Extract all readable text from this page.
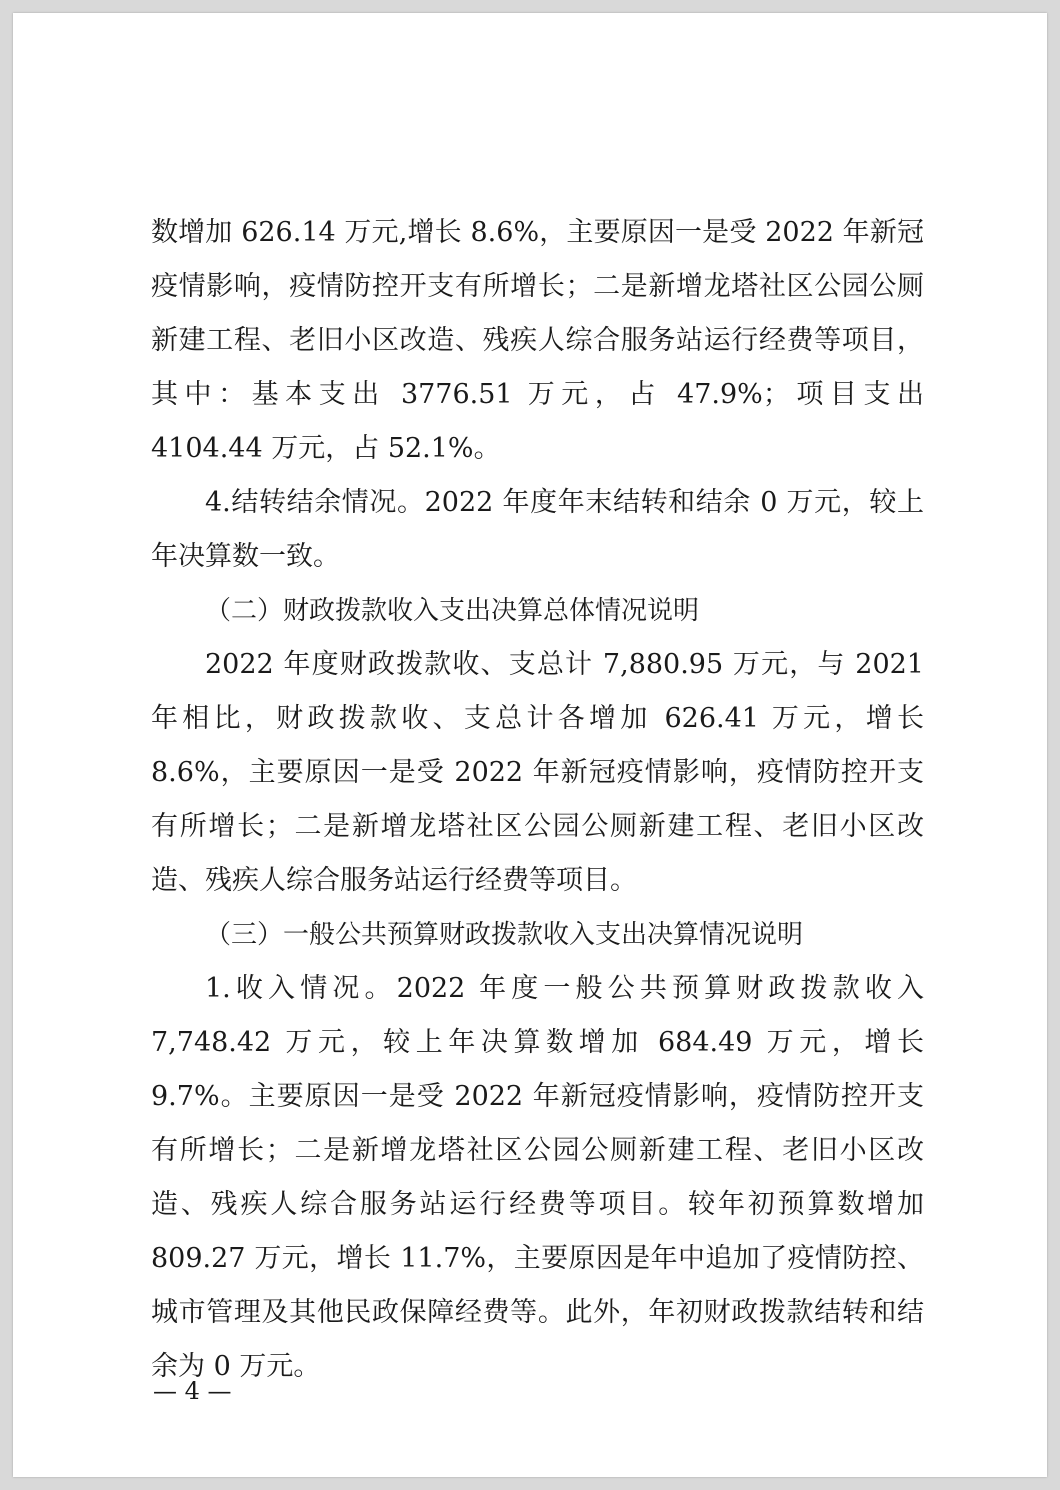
数增加 626.14 万元,增长 8.6%，主要原因一是受 2022 年新冠疫情影响，疫情防控开支有所增长；二是新增龙塔社区公园公厕新建工程、老旧小区改造、残疾人综合服务站运行经费等项目，其中：基本支出 3776.51 万元，占 47.9%；项目支出 4104.44 万元，占 52.1%。

4.结转结余情况。2022 年度年末结转和结余 0 万元，较上年决算数一致。

（二）财政拨款收入支出决算总体情况说明

2022 年度财政拨款收、支总计 7,880.95 万元，与 2021 年相比，财政拨款收、支总计各增加 626.41 万元，增长 8.6%，主要原因一是受 2022 年新冠疫情影响，疫情防控开支有所增长；二是新增龙塔社区公园公厕新建工程、老旧小区改造、残疾人综合服务站运行经费等项目。

（三）一般公共预算财政拨款收入支出决算情况说明

1.收入情况。2022 年度一般公共预算财政拨款收入 7,748.42 万元，较上年决算数增加 684.49 万元，增长 9.7%。主要原因一是受 2022 年新冠疫情影响，疫情防控开支有所增长；二是新增龙塔社区公园公厕新建工程、老旧小区改造、残疾人综合服务站运行经费等项目。较年初预算数增加 809.27 万元，增长 11.7%，主要原因是年中追加了疫情防控、城市管理及其他民政保障经费等。此外，年初财政拨款结转和结余为 0 万元。

— 4 —
